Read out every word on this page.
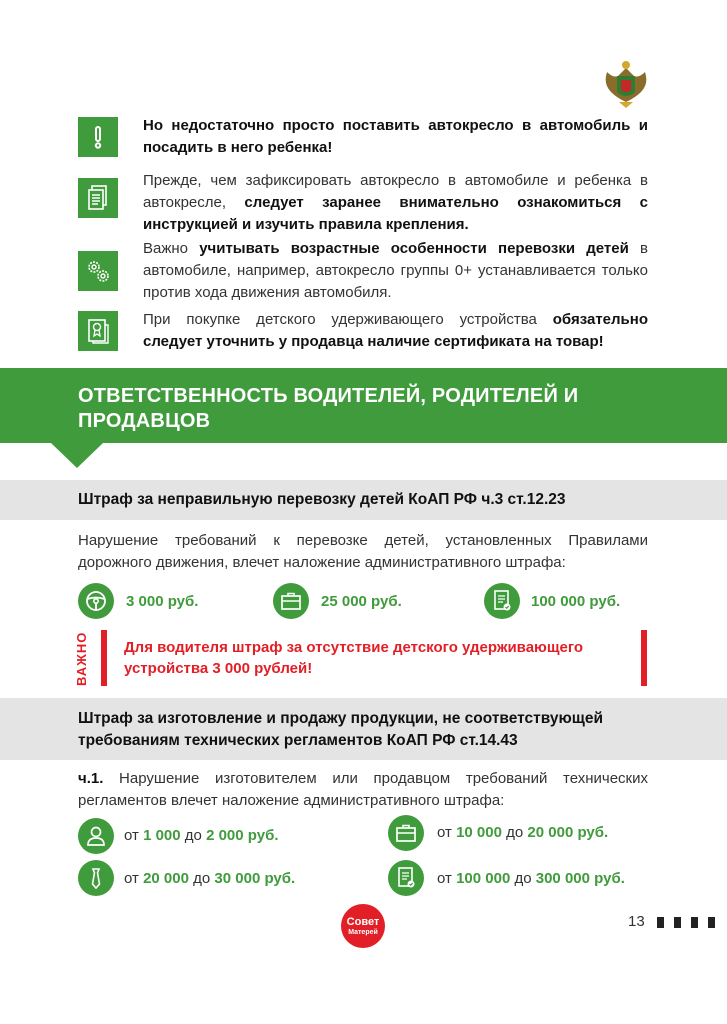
Но недостаточно просто поставить автокресло в автомобиль и посадить в него ребенка!
Прежде, чем зафиксировать автокресло в автомобиле и ребенка в автокресле, следует заранее внимательно ознакомиться с инструкцией и изучить правила крепления.
Важно учитывать возрастные особенности перевозки детей в автомобиле, например, автокресло группы 0+ устанавливается только против хода движения автомобиля.
При покупке детского удерживающего устройства обязательно следует уточнить у продавца наличие сертификата на товар!
ОТВЕТСТВЕННОСТЬ ВОДИТЕЛЕЙ, РОДИТЕЛЕЙ И ПРОДАВЦОВ
Штраф за неправильную перевозку детей КоАП РФ ч.3 ст.12.23
Нарушение требований к перевозке детей, установленных Правилами дорожного движения, влечет наложение административного штрафа:
3 000 руб.	25 000 руб.	100 000 руб.
ВАЖНО Для водителя штраф за отсутствие детского удерживающего устройства 3 000 рублей!
Штраф за изготовление и продажу продукции, не соответствующей требованиям технических регламентов КоАП РФ ст.14.43
ч.1. Нарушение изготовителем или продавцом требований технических регламентов влечет наложение административного штрафа:
от 1 000 до 2 000 руб.	от 10 000 до 20 000 руб.
от 20 000 до 30 000 руб.	от 100 000 до 300 000 руб.
Совет
Матерей
13
